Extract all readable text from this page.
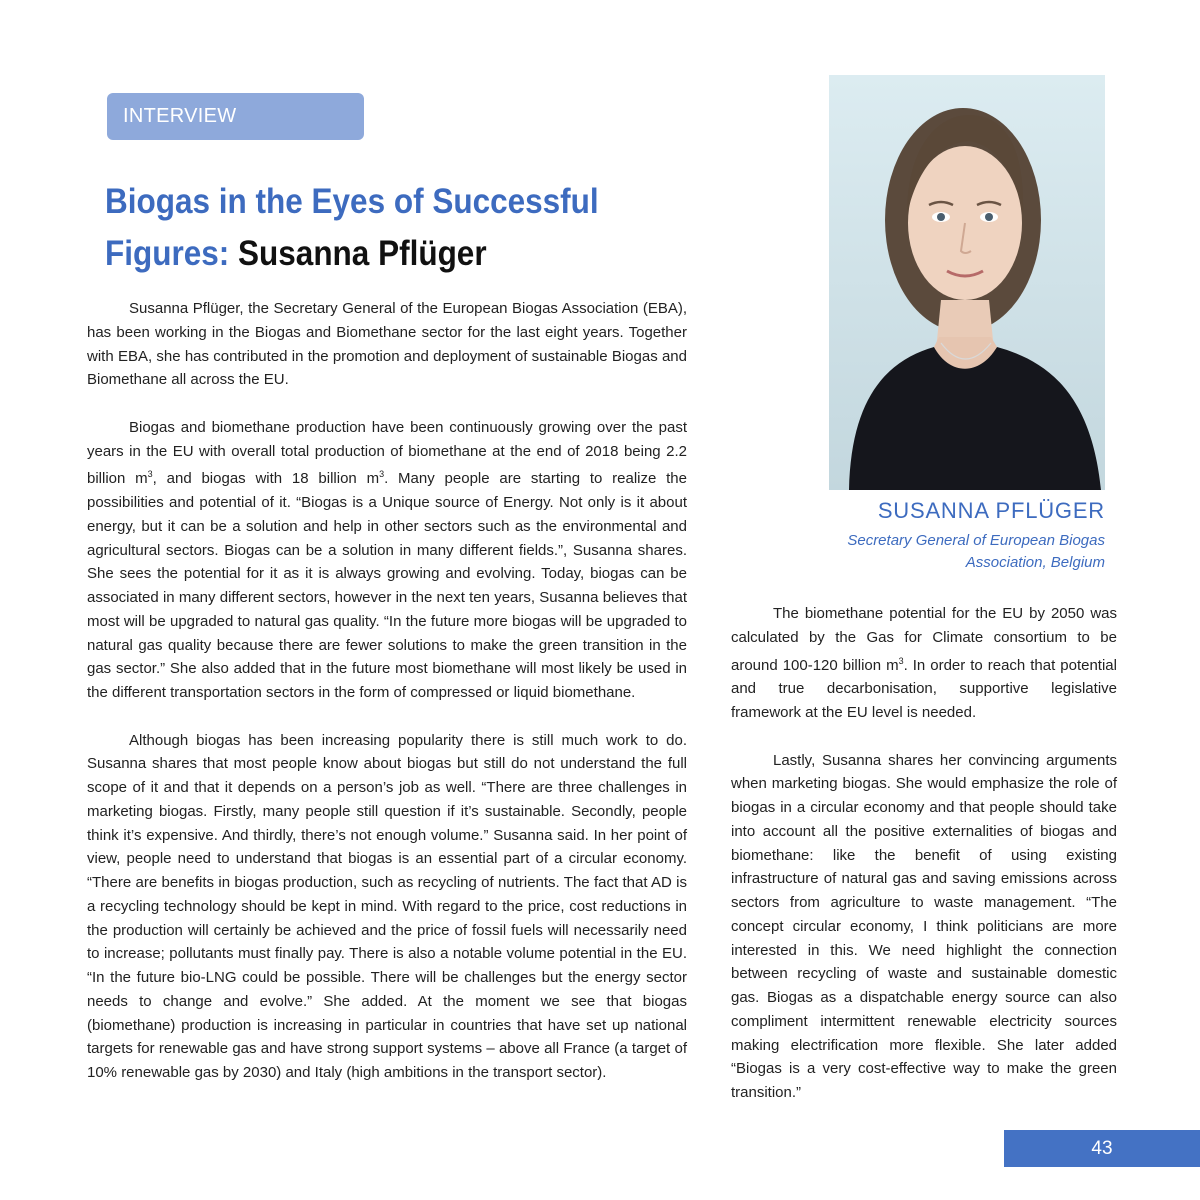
INTERVIEW
Biogas in the Eyes of Successful
Figures: Susanna Pflüger

Susanna Pflüger, the Secretary General of the European Biogas Association (EBA), has been working in the Biogas and Biomethane sector for the last eight years. Together with EBA, she has contributed in the promotion and deployment of sustainable Biogas and Biomethane all across the EU.

Biogas and biomethane production have been continuously growing over the past years in the EU with overall total production of biomethane at the end of 2018 being 2.2 billion $m^3$, and biogas with 18 billion $m^3$. Many people are starting to realize the possibilities and potential of it. “Biogas is a Unique source of Energy. Not only is it about energy, but it can be a solution and help in other sectors such as the environmental and agricultural sectors. Biogas can be a solution in many different fields.”, Susanna shares. She sees the potential for it as it is always growing and evolving. Today, biogas can be associated in many different sectors, however in the next ten years, Susanna believes that most will be upgraded to natural gas quality. “In the future more biogas will be upgraded to natural gas quality because there are fewer solutions to make the green transition in the gas sector.” She also added that in the future most biomethane will most likely be used in the different transportation sectors in the form of compressed or liquid biomethane.

Although biogas has been increasing popularity there is still much work to do. Susanna shares that most people know about biogas but still do not understand the full scope of it and that it depends on a person’s job as well. “There are three challenges in marketing biogas. Firstly, many people still question if it’s sustainable. Secondly, people think it’s expensive. And thirdly, there’s not enough volume.” Susanna said. In her point of view, people need to understand that biogas is an essential part of a circular economy. “There are benefits in biogas production, such as recycling of nutrients. The fact that AD is a recycling technology should be kept in mind. With regard to the price, cost reductions in the production will certainly be achieved and the price of fossil fuels will necessarily need to increase; pollutants must finally pay. There is also a notable volume potential in the EU. “In the future bio-LNG could be possible. There will be challenges but the energy sector needs to change and evolve.” She added. At the moment we see that biogas (biomethane) production is increasing in particular in countries that have set up national targets for renewable gas and have strong support systems – above all France (a target of 10% renewable gas by 2030) and Italy (high ambitions in the transport sector).

SUSANNA PFLÜGER
Secretary General of European Biogas
Association, Belgium

The biomethane potential for the EU by 2050 was calculated by the Gas for Climate consortium to be around 100-120 billion $m^3$. In order to reach that potential and true decarbonisation, supportive legislative framework at the EU level is needed.

Lastly, Susanna shares her convincing arguments when marketing biogas. She would emphasize the role of biogas in a circular economy and that people should take into account all the positive externalities of biogas and biomethane: like the benefit of using existing infrastructure of natural gas and saving emissions across sectors from agriculture to waste management. “The concept circular economy, I think politicians are more interested in this. We need highlight the connection between recycling of waste and sustainable domestic gas. Biogas as a dispatchable energy source can also compliment intermittent renewable electricity sources making electrification more flexible. She later added “Biogas is a very cost-effective way to make the green transition.”

43
